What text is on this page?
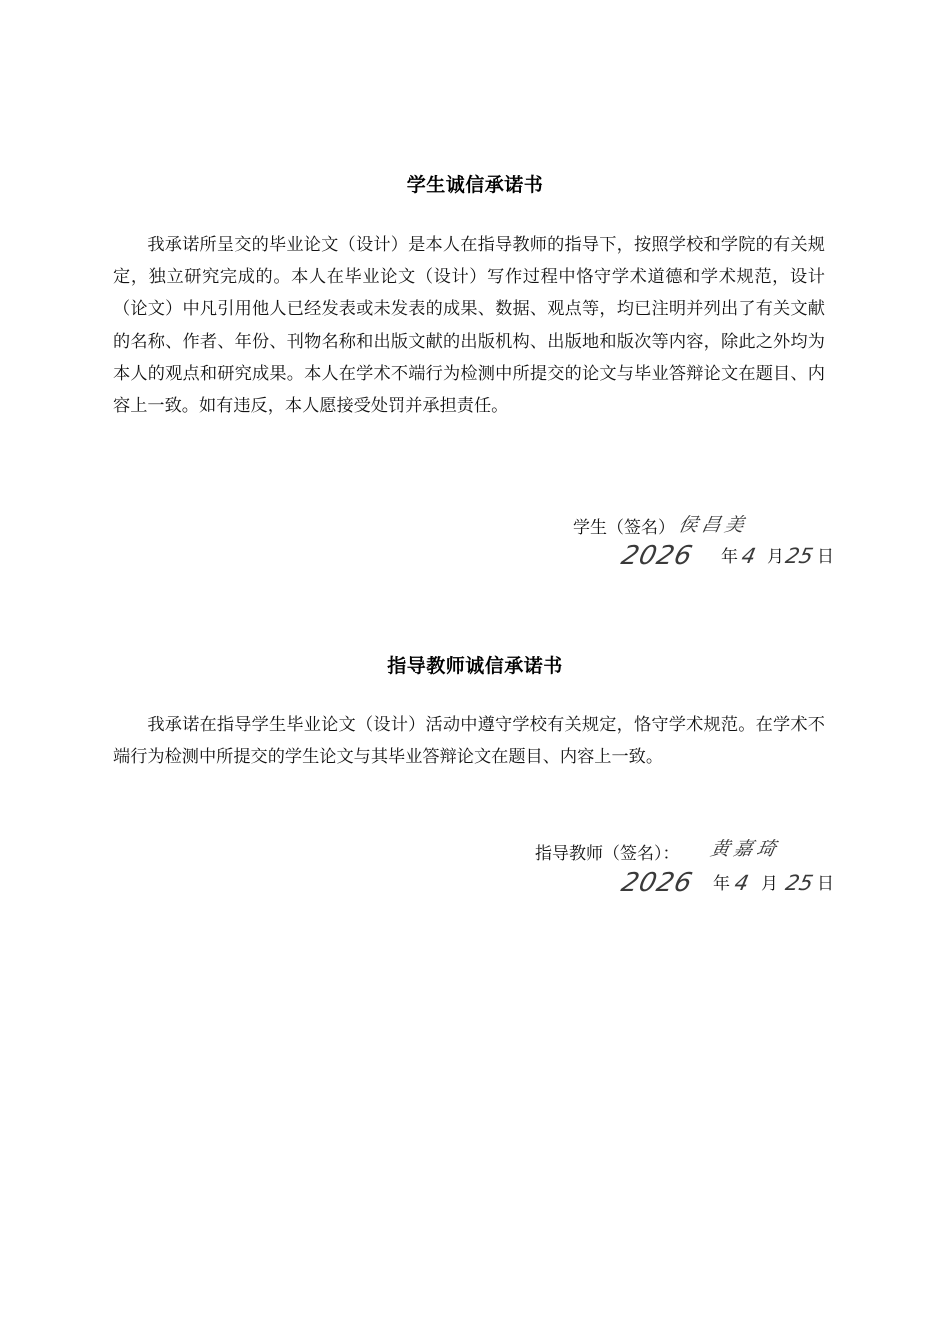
学生诚信承诺书

我承诺所呈交的毕业论文（设计）是本人在指导教师的指导下，按照学校和学院的有关规定，独立研究完成的。本人在毕业论文（设计）写作过程中恪守学术道德和学术规范，设计（论文）中凡引用他人已经发表或未发表的成果、数据、观点等，均已注明并列出了有关文献的名称、作者、年份、刊物名称和出版文献的出版机构、出版地和版次等内容，除此之外均为本人的观点和研究成果。本人在学术不端行为检测中所提交的论文与毕业答辩论文在题目、内容上一致。如有违反，本人愿接受处罚并承担责任。

学生（签名） 侯昌美
2026 年 4 月 25 日
指导教师诚信承诺书

我承诺在指导学生毕业论文（设计）活动中遵守学校有关规定，恪守学术规范。在学术不端行为检测中所提交的学生论文与其毕业答辩论文在题目、内容上一致。

指导教师（签名）： 黄嘉琦
2026 年 4 月 25 日
